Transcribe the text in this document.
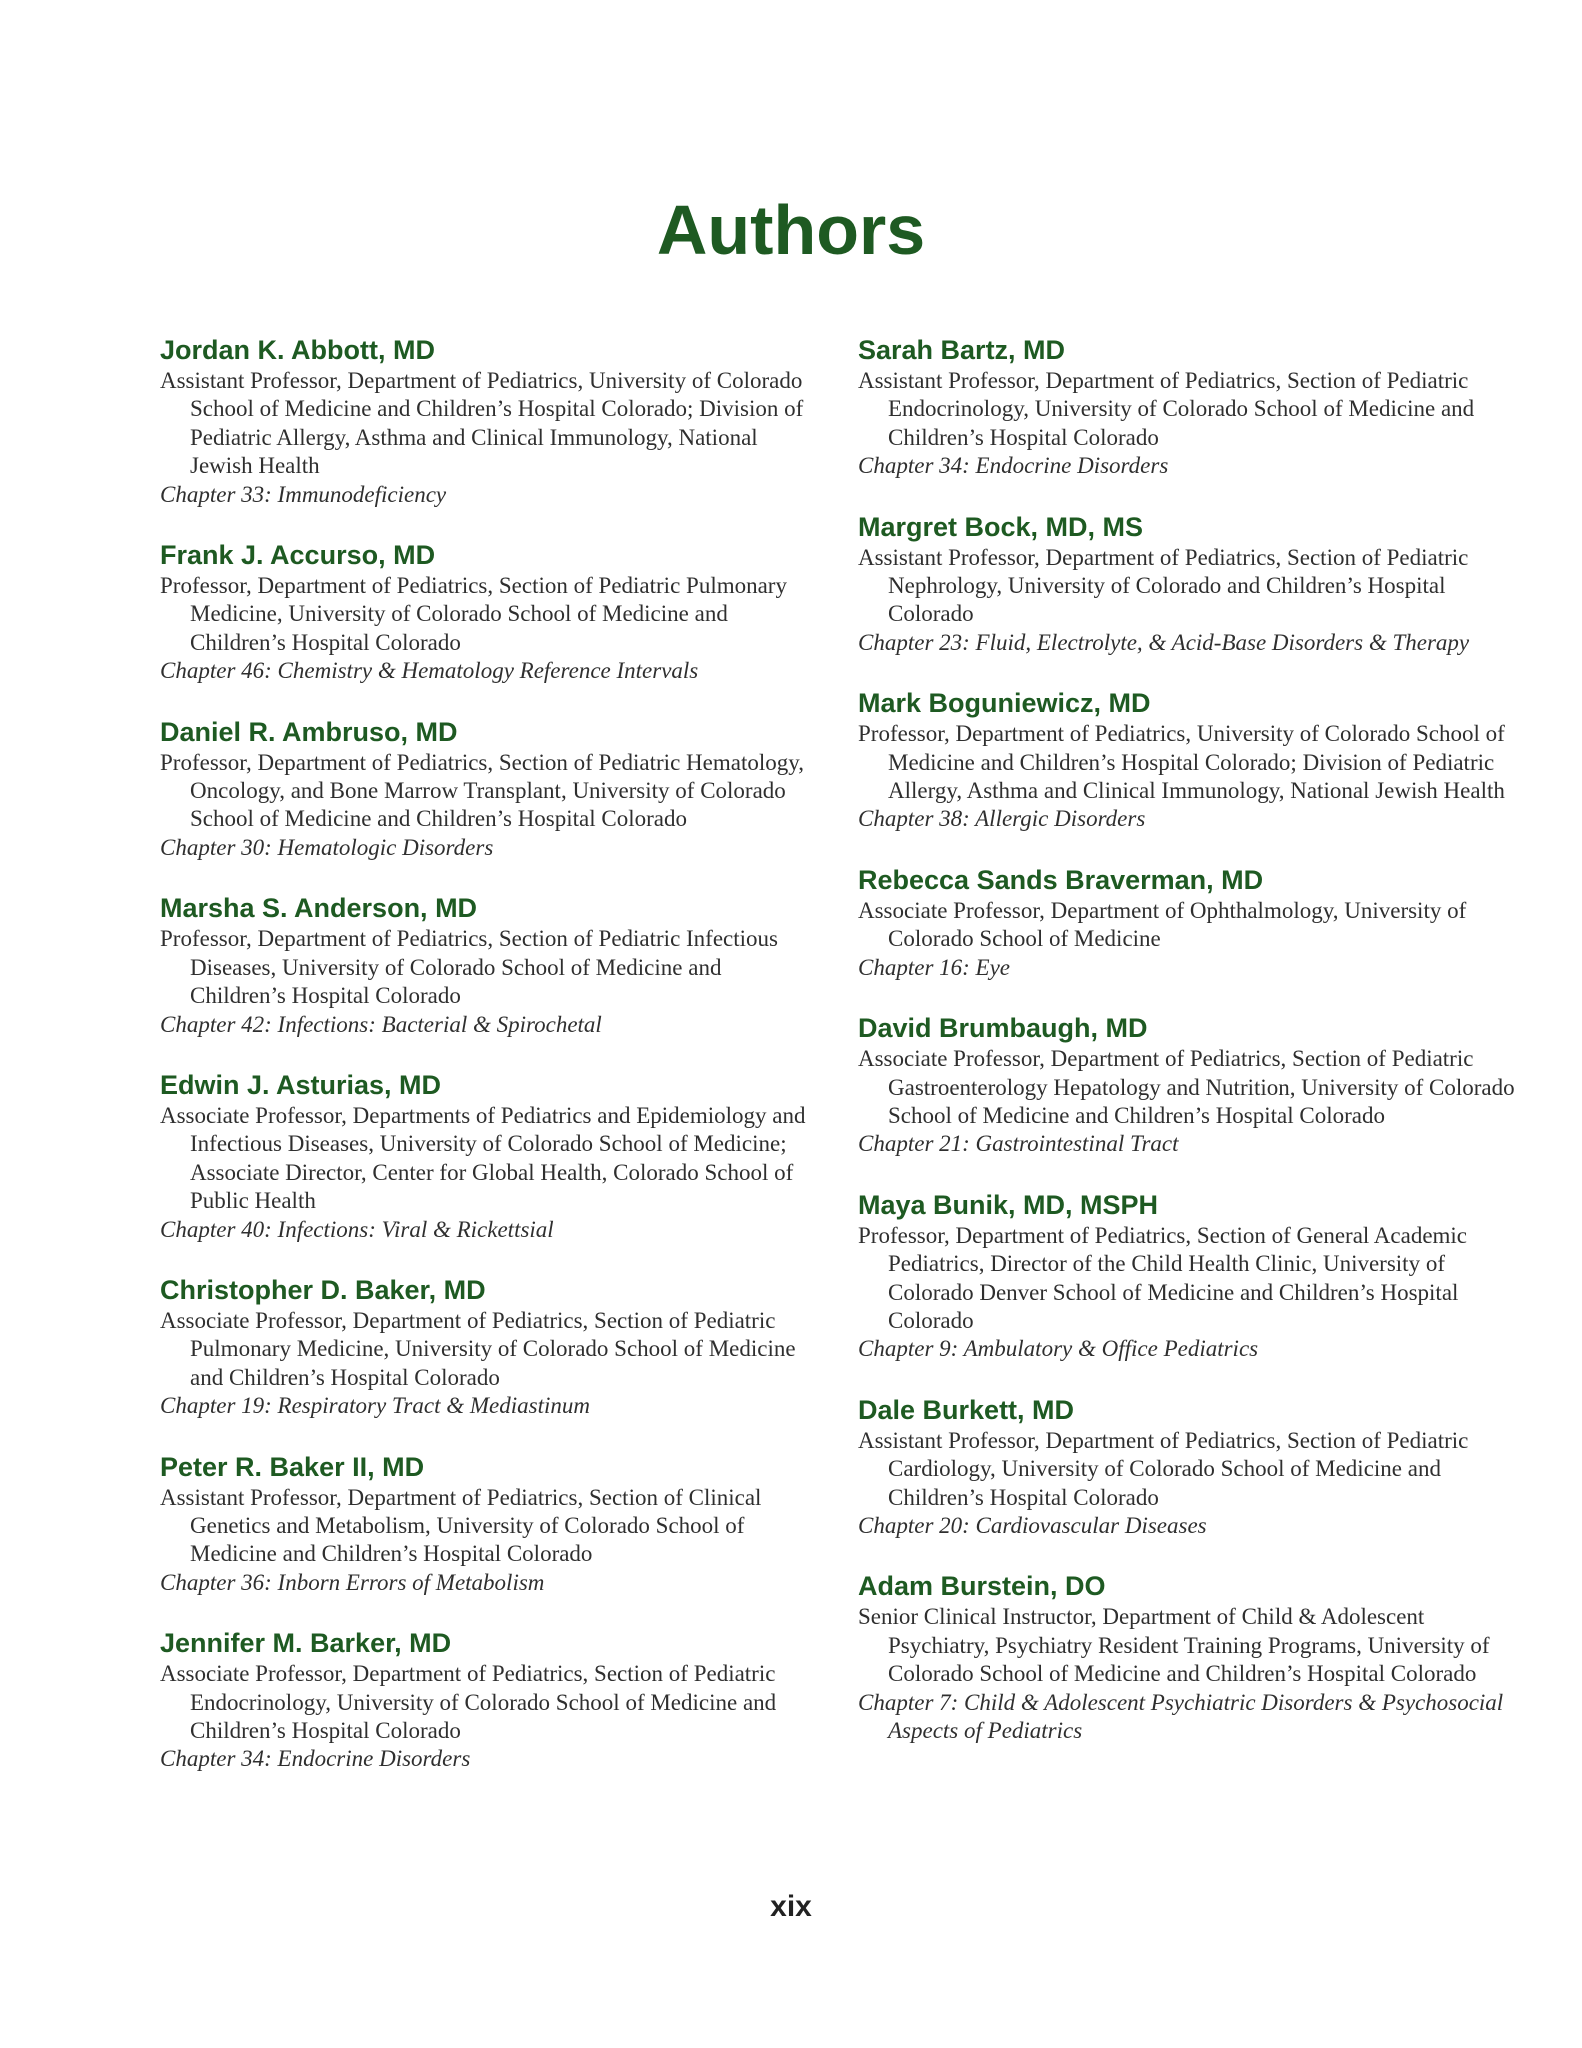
Authors

Jordan K. Abbott, MD

Assistant Professor, Department of Pediatrics, University of Colorado School of Medicine and Children’s Hospital Colorado; Division of Pediatric Allergy, Asthma and Clinical Immunology, National Jewish Health

Chapter 33: Immunodeficiency

Frank J. Accurso, MD

Professor, Department of Pediatrics, Section of Pediatric Pulmonary Medicine, University of Colorado School of Medicine and Children’s Hospital Colorado

Chapter 46: Chemistry & Hematology Reference Intervals

Daniel R. Ambruso, MD

Professor, Department of Pediatrics, Section of Pediatric Hematology, Oncology, and Bone Marrow Transplant, University of Colorado School of Medicine and Children’s Hospital Colorado

Chapter 30: Hematologic Disorders

Marsha S. Anderson, MD

Professor, Department of Pediatrics, Section of Pediatric Infectious Diseases, University of Colorado School of Medicine and Children’s Hospital Colorado

Chapter 42: Infections: Bacterial & Spirochetal

Edwin J. Asturias, MD

Associate Professor, Departments of Pediatrics and Epidemiology and Infectious Diseases, University of Colorado School of Medicine; Associate Director, Center for Global Health, Colorado School of Public Health

Chapter 40: Infections: Viral & Rickettsial

Christopher D. Baker, MD

Associate Professor, Department of Pediatrics, Section of Pediatric Pulmonary Medicine, University of Colorado School of Medicine and Children’s Hospital Colorado

Chapter 19: Respiratory Tract & Mediastinum

Peter R. Baker II, MD

Assistant Professor, Department of Pediatrics, Section of Clinical Genetics and Metabolism, University of Colorado School of Medicine and Children’s Hospital Colorado

Chapter 36: Inborn Errors of Metabolism

Jennifer M. Barker, MD

Associate Professor, Department of Pediatrics, Section of Pediatric Endocrinology, University of Colorado School of Medicine and Children’s Hospital Colorado

Chapter 34: Endocrine Disorders

Sarah Bartz, MD

Assistant Professor, Department of Pediatrics, Section of Pediatric Endocrinology, University of Colorado School of Medicine and Children’s Hospital Colorado

Chapter 34: Endocrine Disorders

Margret Bock, MD, MS

Assistant Professor, Department of Pediatrics, Section of Pediatric Nephrology, University of Colorado and Children’s Hospital Colorado

Chapter 23: Fluid, Electrolyte, & Acid-Base Disorders & Therapy

Mark Boguniewicz, MD

Professor, Department of Pediatrics, University of Colorado School of Medicine and Children’s Hospital Colorado; Division of Pediatric Allergy, Asthma and Clinical Immunology, National Jewish Health

Chapter 38: Allergic Disorders

Rebecca Sands Braverman, MD

Associate Professor, Department of Ophthalmology, University of Colorado School of Medicine

Chapter 16: Eye

David Brumbaugh, MD

Associate Professor, Department of Pediatrics, Section of Pediatric Gastroenterology Hepatology and Nutrition, University of Colorado School of Medicine and Children’s Hospital Colorado

Chapter 21: Gastrointestinal Tract

Maya Bunik, MD, MSPH

Professor, Department of Pediatrics, Section of General Academic Pediatrics, Director of the Child Health Clinic, University of Colorado Denver School of Medicine and Children’s Hospital Colorado

Chapter 9: Ambulatory & Office Pediatrics

Dale Burkett, MD

Assistant Professor, Department of Pediatrics, Section of Pediatric Cardiology, University of Colorado School of Medicine and Children’s Hospital Colorado

Chapter 20: Cardiovascular Diseases

Adam Burstein, DO

Senior Clinical Instructor, Department of Child & Adolescent Psychiatry, Psychiatry Resident Training Programs, University of Colorado School of Medicine and Children’s Hospital Colorado

Chapter 7: Child & Adolescent Psychiatric Disorders & Psychosocial Aspects of Pediatrics

xix
